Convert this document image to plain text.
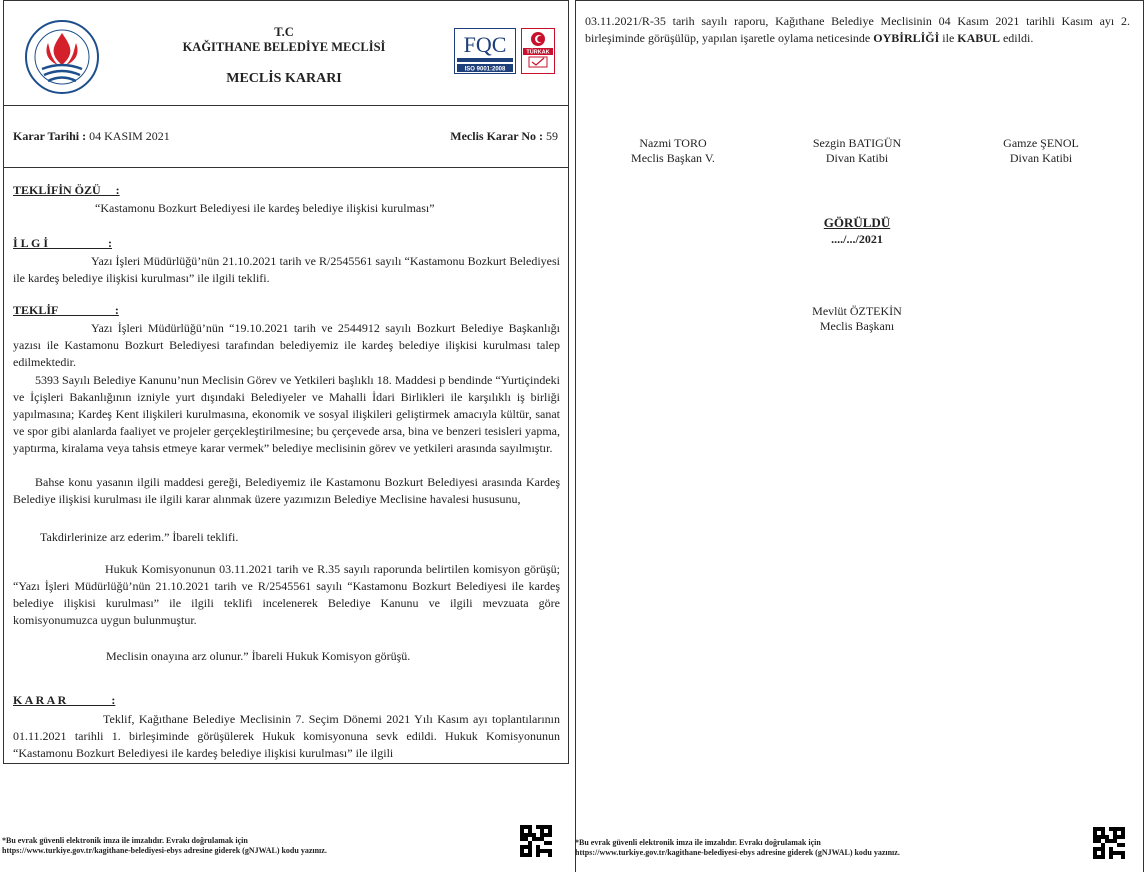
T.C
KAĞITHANE BELEDİYE MECLİSİ
MECLİS KARARI
FQC
ISO 9001:2008
TÜRKAK
Karar Tarihi : 04 KASIM 2021	Meclis Karar No : 59
TEKLİFİN ÖZÜ     :
“Kastamonu Bozkurt Belediyesi ile kardeş belediye ilişkisi kurulması”
İ L G İ                    :
Yazı İşleri Müdürlüğü’nün 21.10.2021 tarih ve R/2545561 sayılı “Kastamonu Bozkurt Belediyesi ile kardeş belediye ilişkisi kurulması” ile ilgili teklifi.
TEKLİF                   :
Yazı İşleri Müdürlüğü’nün “19.10.2021 tarih ve 2544912 sayılı Bozkurt Belediye Başkanlığı yazısı ile Kastamonu Bozkurt Belediyesi tarafından belediyemiz ile kardeş belediye ilişkisi kurulması talep edilmektedir.
5393 Sayılı Belediye Kanunu’nun Meclisin Görev ve Yetkileri başlıklı 18. Maddesi p bendinde “Yurtiçindeki ve İçişleri Bakanlığının izniyle yurt dışındaki Belediyeler ve Mahalli İdari Birlikleri ile karşılıklı iş birliği yapılmasına; Kardeş Kent ilişkileri kurulmasına, ekonomik ve sosyal ilişkileri geliştirmek amacıyla kültür, sanat ve spor gibi alanlarda faaliyet ve projeler gerçekleştirilmesine; bu çerçevede arsa, bina ve benzeri tesisleri yapma, yaptırma, kiralama veya tahsis etmeye karar vermek” belediye meclisinin görev ve yetkileri arasında sayılmıştır.
Bahse konu yasanın ilgili maddesi gereği, Belediyemiz ile Kastamonu Bozkurt Belediyesi arasında Kardeş Belediye ilişkisi kurulması ile ilgili karar alınmak üzere yazımızın Belediye Meclisine havalesi hususunu,
Takdirlerinize arz ederim.” İbareli teklifi.
Hukuk Komisyonunun 03.11.2021 tarih ve R.35 sayılı raporunda belirtilen komisyon görüşü; “Yazı İşleri Müdürlüğü’nün 21.10.2021 tarih ve R/2545561 sayılı “Kastamonu Bozkurt Belediyesi ile kardeş belediye ilişkisi kurulması” ile ilgili teklifi incelenerek Belediye Kanunu ve ilgili mevzuata göre komisyonumuzca uygun bulunmuştur.
Meclisin onayına arz olunur.” İbareli Hukuk Komisyon görüşü.
K A R A R               :
Teklif, Kağıthane Belediye Meclisinin 7. Seçim Dönemi 2021 Yılı Kasım ayı toplantılarının 01.11.2021 tarihli 1. birleşiminde görüşülerek Hukuk komisyonuna sevk edildi. Hukuk Komisyonunun “Kastamonu Bozkurt Belediyesi ile kardeş belediye ilişkisi kurulması” ile ilgili
03.11.2021/R-35 tarih sayılı raporu, Kağıthane Belediye Meclisinin 04 Kasım 2021 tarihli Kasım ayı 2. birleşiminde görüşülüp, yapılan işaretle oylama neticesinde OYBİRLİĞİ ile KABUL edildi.
Nazmi TORO
Meclis Başkan V.
Sezgin BATIGÜN
Divan Katibi
Gamze ŞENOL
Divan Katibi
GÖRÜLDÜ
..../.../2021
Mevlüt ÖZTEKİN
Meclis Başkanı
*Bu evrak güvenli elektronik imza ile imzalıdır. Evrakı doğrulamak için
https://www.turkiye.gov.tr/kagithane-belediyesi-ebys adresine giderek (gNJWAL) kodu yazınız.
*Bu evrak güvenli elektronik imza ile imzalıdır. Evrakı doğrulamak için
https://www.turkiye.gov.tr/kagithane-belediyesi-ebys adresine giderek (gNJWAL) kodu yazınız.
